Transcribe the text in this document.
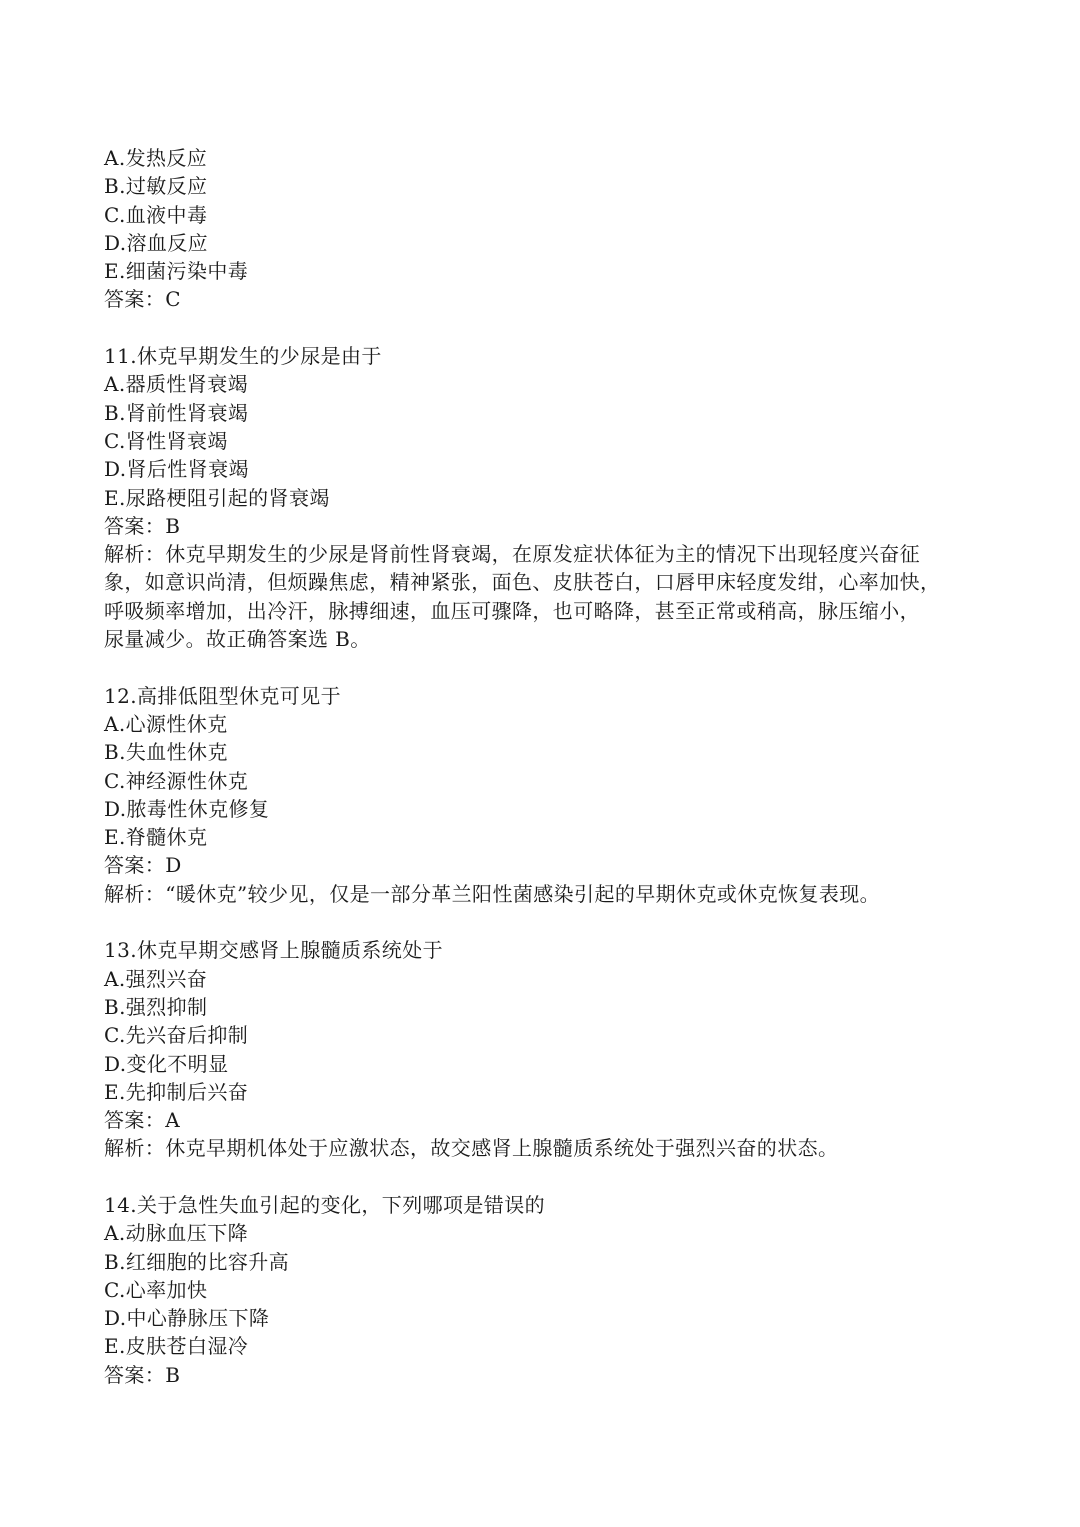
A.发热反应
B.过敏反应
C.血液中毒
D.溶血反应
E.细菌污染中毒
答案：C
11.休克早期发生的少尿是由于
A.器质性肾衰竭
B.肾前性肾衰竭
C.肾性肾衰竭
D.肾后性肾衰竭
E.尿路梗阻引起的肾衰竭
答案：B
解析：休克早期发生的少尿是肾前性肾衰竭，在原发症状体征为主的情况下出现轻度兴奋征
象，如意识尚清，但烦躁焦虑，精神紧张，面色、皮肤苍白，口唇甲床轻度发绀，心率加快，
呼吸频率增加，出冷汗，脉搏细速，血压可骤降，也可略降，甚至正常或稍高，脉压缩小，
尿量减少。故正确答案选 B。
12.高排低阻型休克可见于
A.心源性休克
B.失血性休克
C.神经源性休克
D.脓毒性休克修复
E.脊髓休克
答案：D
解析：“暖休克”较少见，仅是一部分革兰阳性菌感染引起的早期休克或休克恢复表现。
13.休克早期交感肾上腺髓质系统处于
A.强烈兴奋
B.强烈抑制
C.先兴奋后抑制
D.变化不明显
E.先抑制后兴奋
答案：A
解析：休克早期机体处于应激状态，故交感肾上腺髓质系统处于强烈兴奋的状态。
14.关于急性失血引起的变化，下列哪项是错误的
A.动脉血压下降
B.红细胞的比容升高
C.心率加快
D.中心静脉压下降
E.皮肤苍白湿冷
答案：B
